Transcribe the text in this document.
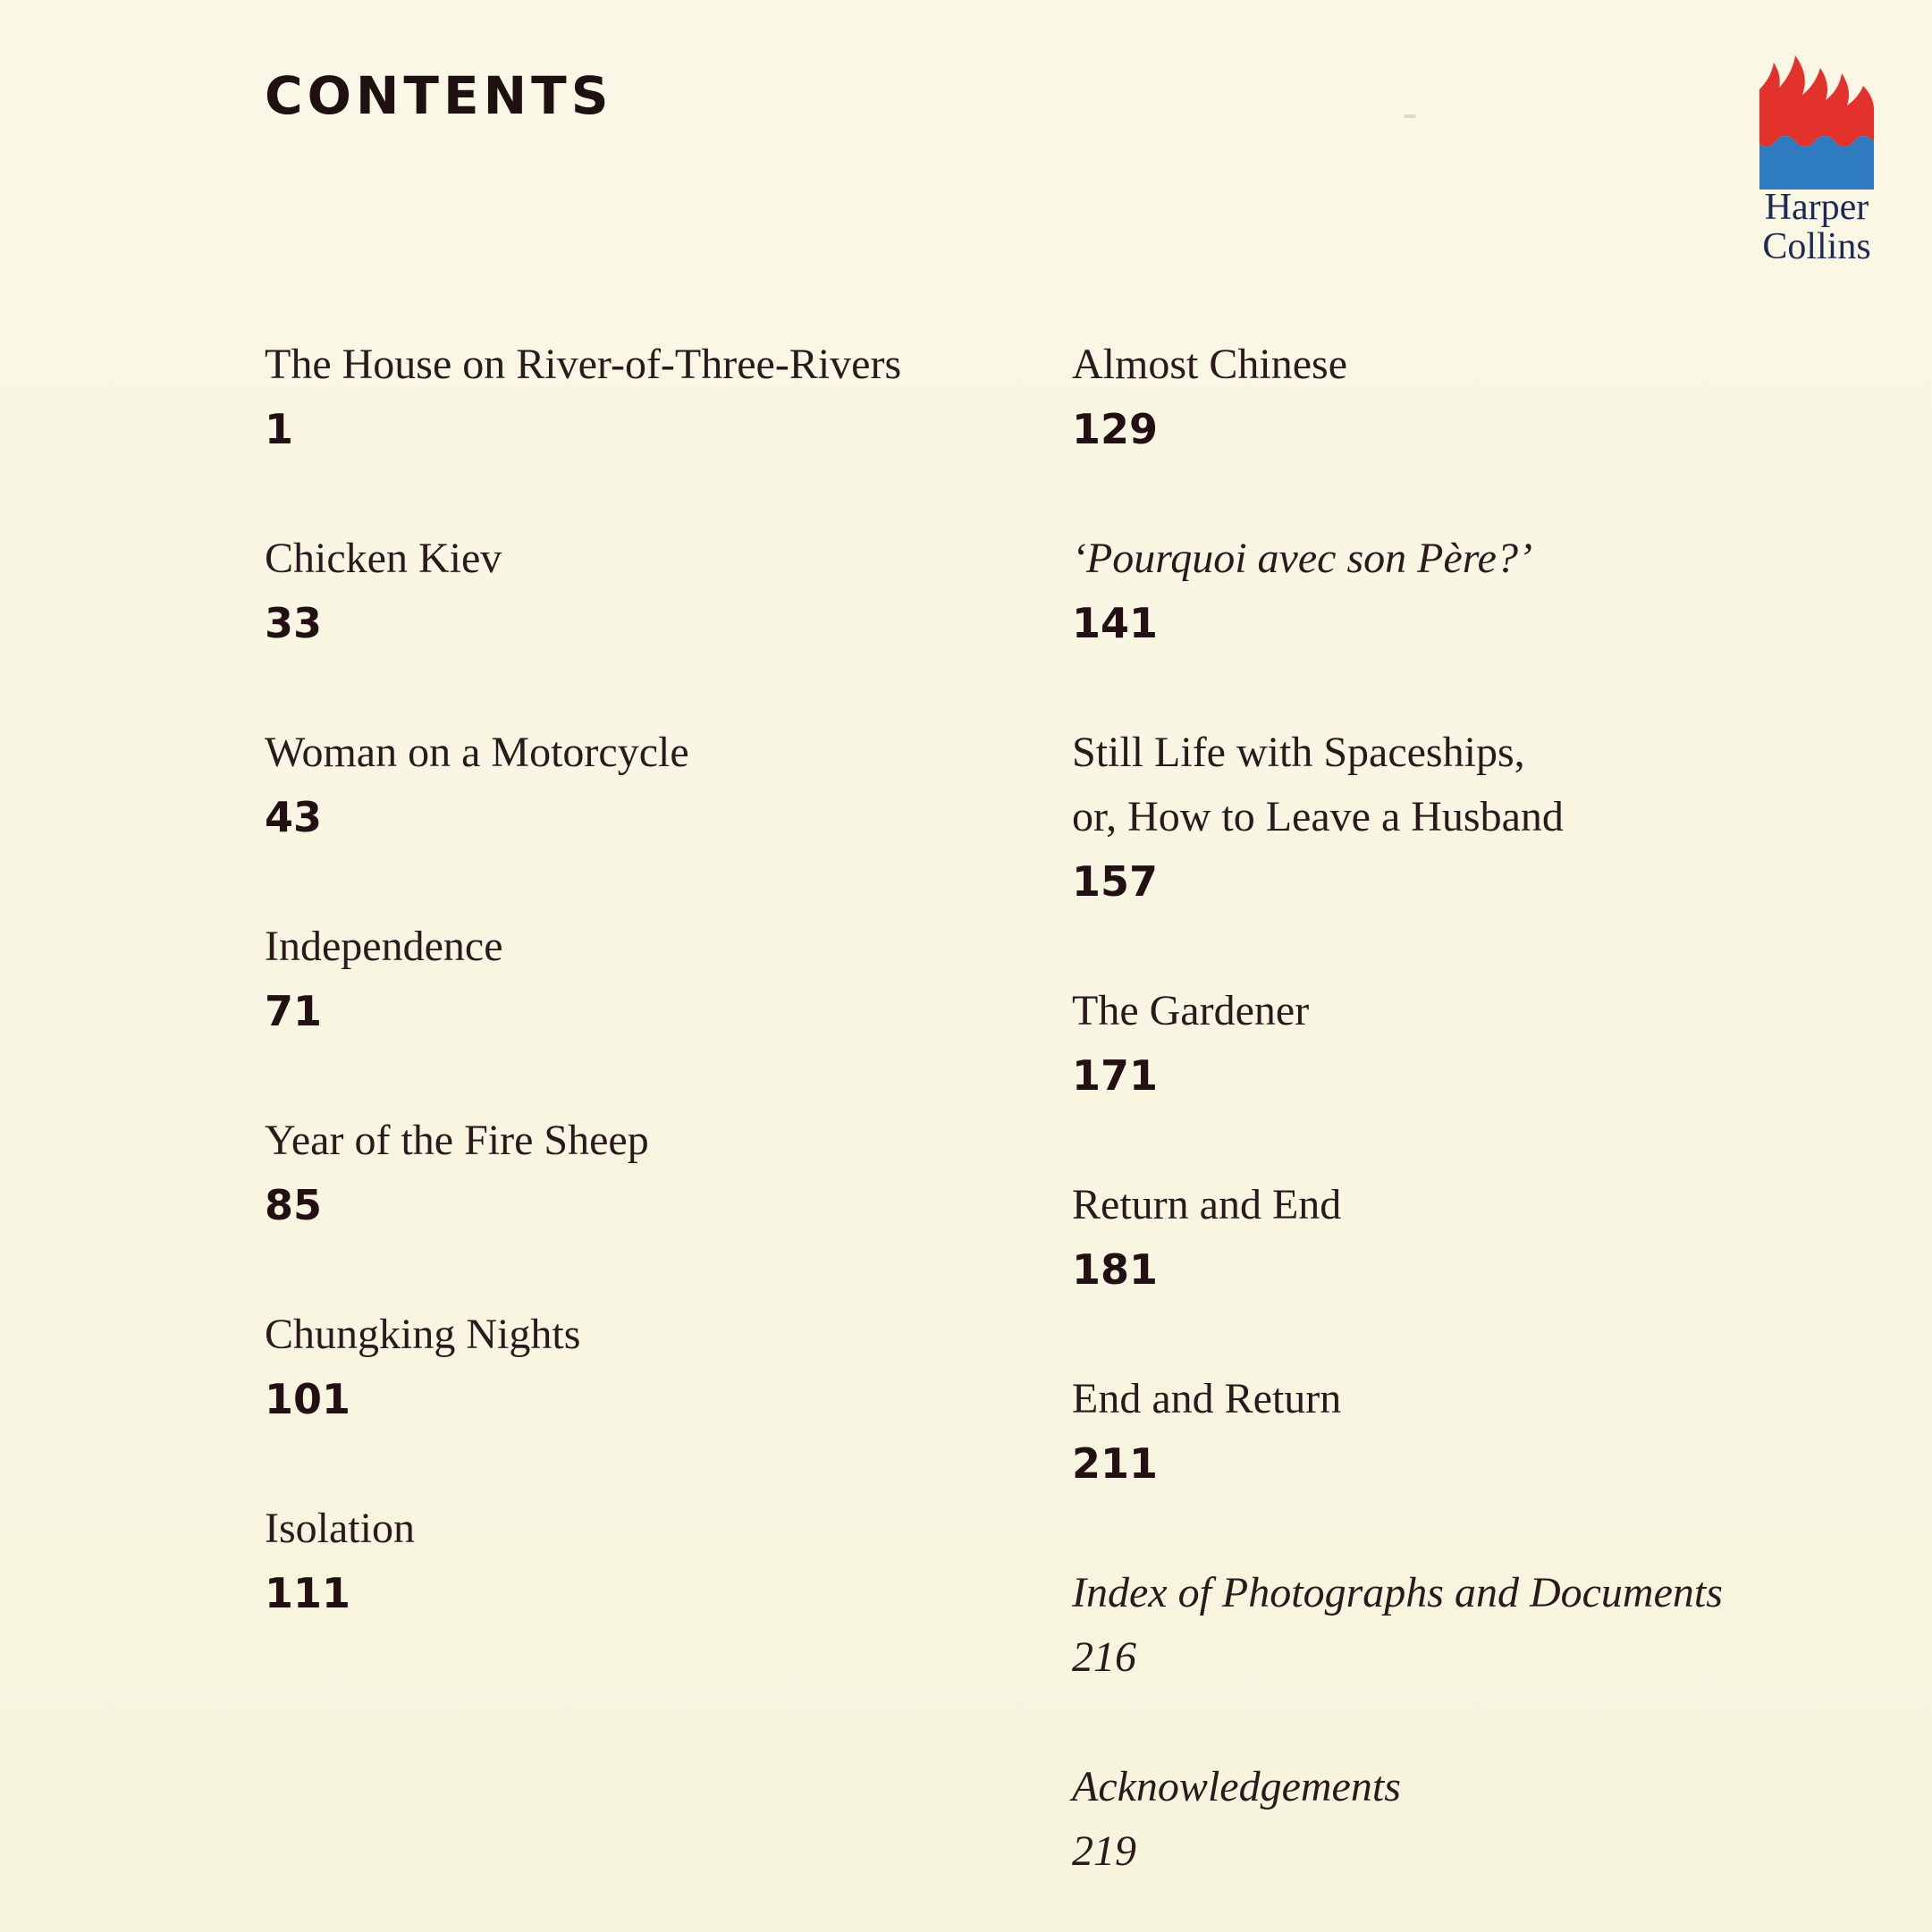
CONTENTS
Harper
Collins
The House on River-of-Three-Rivers
1
Chicken Kiev
33
Woman on a Motorcycle
43
Independence
71
Year of the Fire Sheep
85
Chungking Nights
101
Isolation
111
Almost Chinese
129
‘Pourquoi avec son Père?’
141
Still Life with Spaceships,
or, How to Leave a Husband
157
The Gardener
171
Return and End
181
End and Return
211
Index of Photographs and Documents
216
Acknowledgements
219
